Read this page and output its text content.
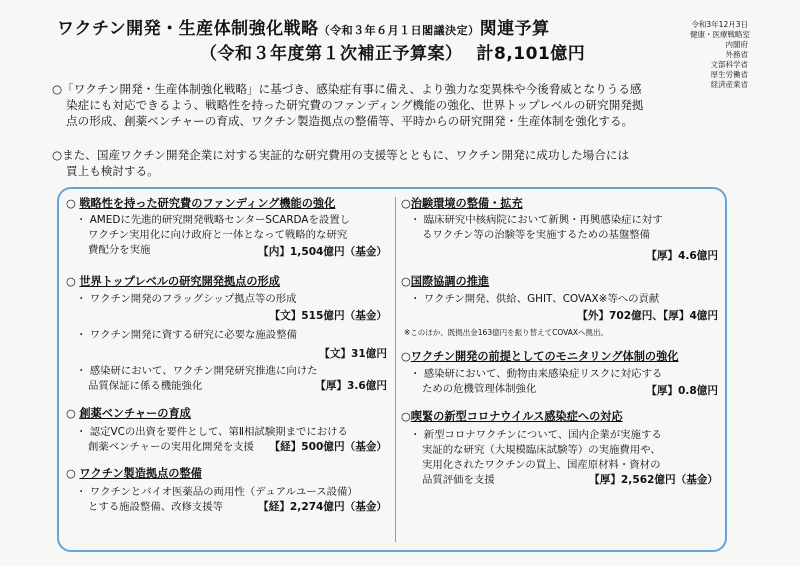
ワクチン開発・生産体制強化戦略（令和３年６月１日閣議決定）関連予算
（令和３年度第１次補正予算案） 計8,101億円
令和3年12月3日
健康・医療戦略室
内閣府
外務省
文部科学省
厚生労働省
経済産業省
○「ワクチン開発・生産体制強化戦略」に基づき、感染症有事に備え、より強力な変異株や今後脅威となりうる感
染症にも対応できるよう、戦略性を持った研究費のファンディング機能の強化、世界トップレベルの研究開発拠
点の形成、創薬ベンチャーの育成、ワクチン製造拠点の整備等、平時からの研究開発・生産体制を強化する。
○また、国産ワクチン開発企業に対する実証的な研究費用の支援等とともに、ワクチン開発に成功した場合には
買上も検討する。
○ 戦略性を持った研究費のファンディング機能の強化
・ AMEDに先進的研究開発戦略センターSCARDAを設置し
ワクチン実用化に向け政府と一体となって戦略的な研究
費配分を実施	【内】1,504億円（基金）
○ 世界トップレベルの研究開発拠点の形成
・ ワクチン開発のフラッグシップ拠点等の形成
【文】515億円（基金）
・ ワクチン開発に資する研究に必要な施設整備
【文】31億円
・ 感染研において、ワクチン開発研究推進に向けた
品質保証に係る機能強化	【厚】3.6億円
○ 創薬ベンチャーの育成
・ 認定VCの出資を要件として、第Ⅱ相試験期までにおける
創薬ベンチャーの実用化開発を支援	【経】500億円（基金）
○ ワクチン製造拠点の整備
・ ワクチンとバイオ医薬品の両用性（デュアルユース設備）
とする施設整備、改修支援等	【経】2,274億円（基金）
○治験環境の整備・拡充
・ 臨床研究中核病院において新興・再興感染症に対す
るワクチン等の治験等を実施するための基盤整備
【厚】4.6億円
○国際協調の推進
・ ワクチン開発、供給、GHIT、COVAX※等への貢献
【外】702億円、【厚】4億円
※このほか、既拠出金163億円を振り替えてCOVAXへ拠出。
○ワクチン開発の前提としてのモニタリング体制の強化
・ 感染研において、動物由来感染症リスクに対応する
ための危機管理体制強化	【厚】0.8億円
○喫緊の新型コロナウイルス感染症への対応
・ 新型コロナワクチンについて、国内企業が実施する
実証的な研究（大規模臨床試験等）の実施費用や、
実用化されたワクチンの買上、国産原材料・資材の
品質評価を支援	【厚】2,562億円（基金）
